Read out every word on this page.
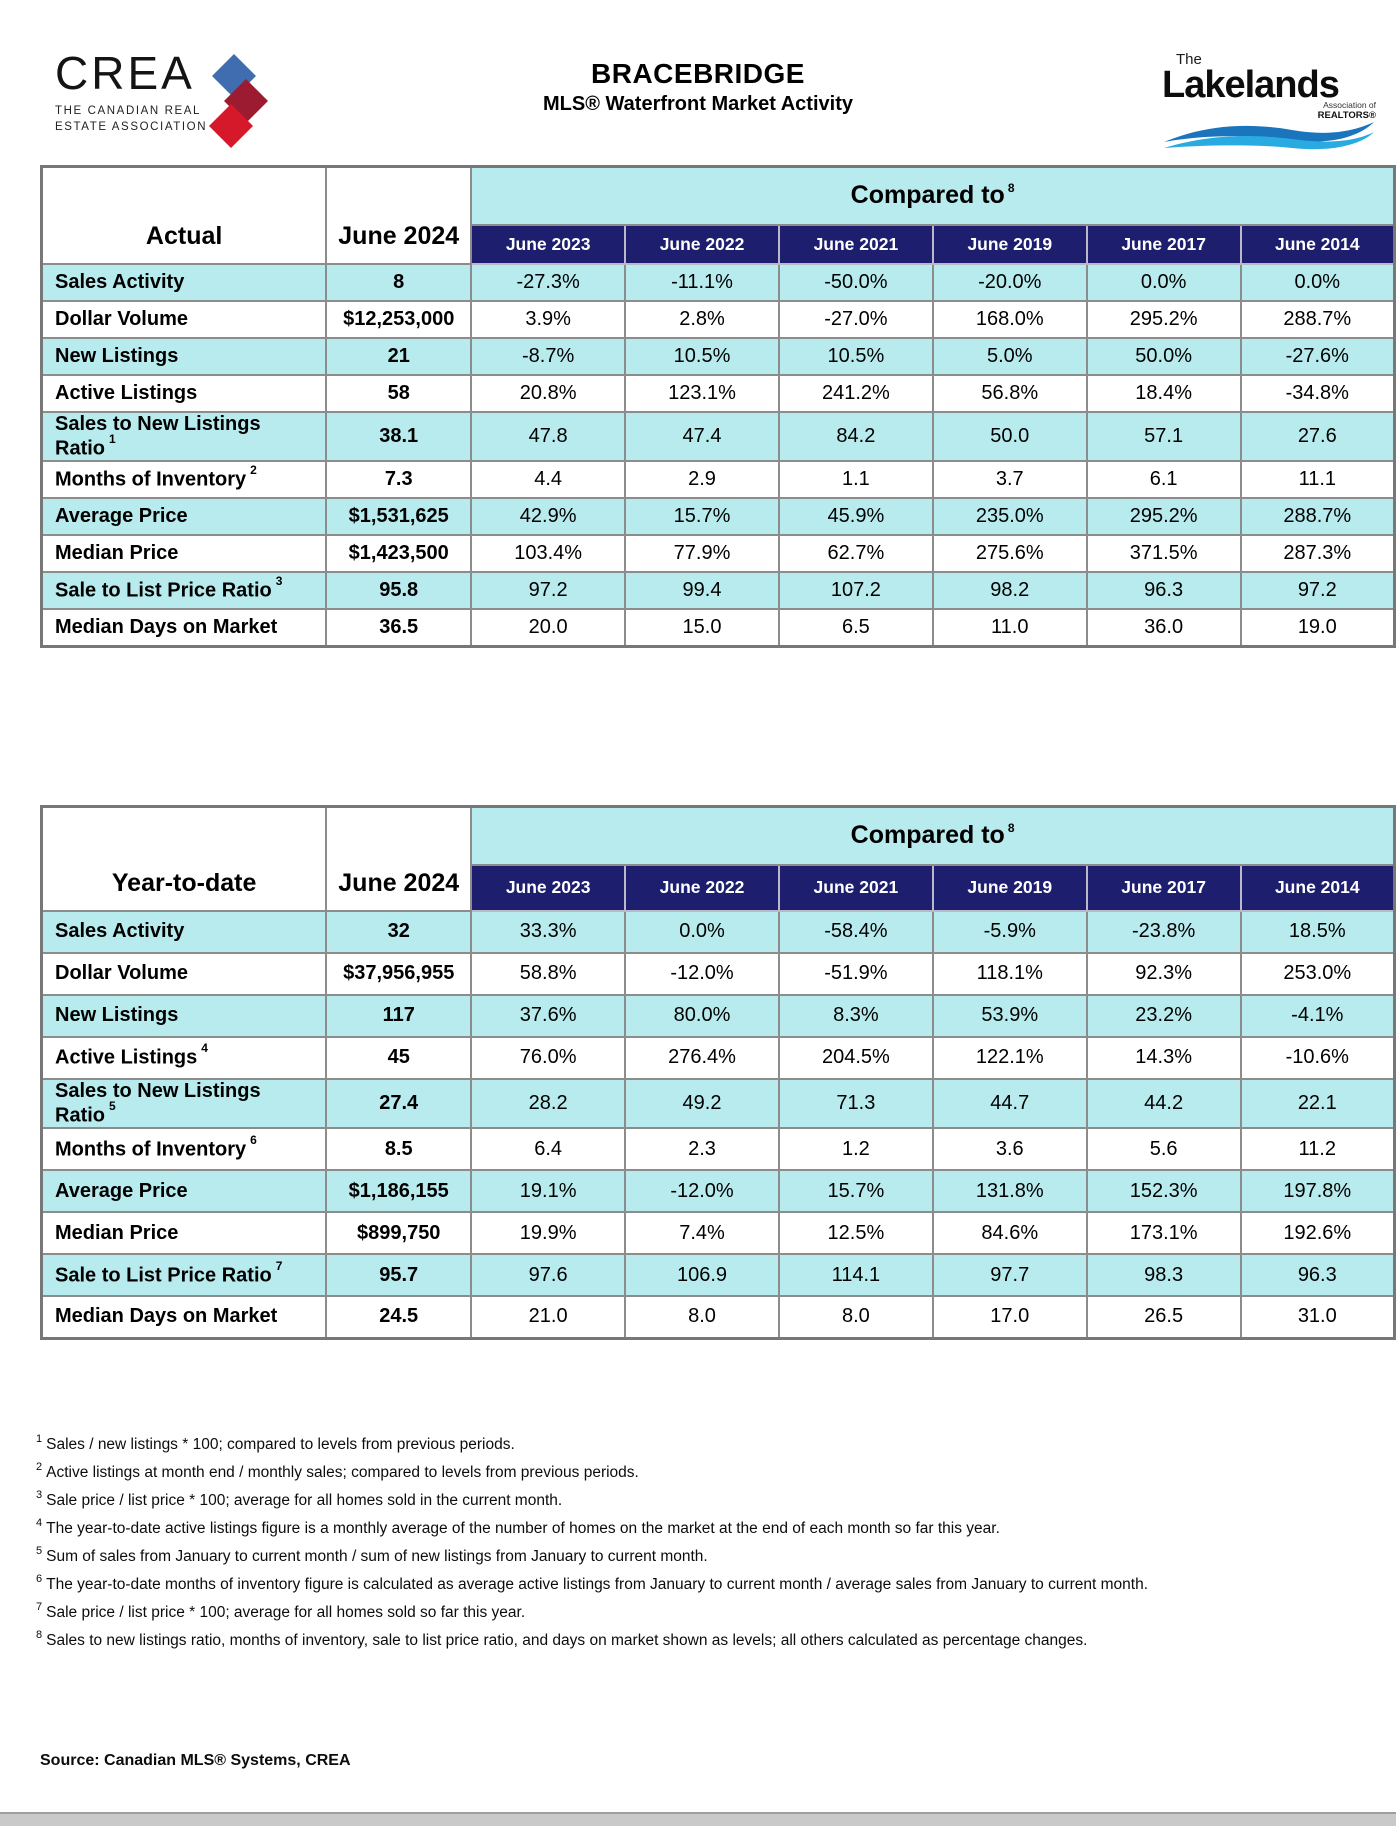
CREA
THE CANADIAN REAL
ESTATE ASSOCIATION
BRACEBRIDGE
MLS® Waterfront Market Activity
The
Lakelands
Association of
REALTORS®
Actual	June 2024	Compared to $^8$
		June 2023	June 2022	June 2021	June 2019	June 2017	June 2014
Sales Activity	8	-27.3%	-11.1%	-50.0%	-20.0%	0.0%	0.0%
Dollar Volume	$12,253,000	3.9%	2.8%	-27.0%	168.0%	295.2%	288.7%
New Listings	21	-8.7%	10.5%	10.5%	5.0%	50.0%	-27.6%
Active Listings	58	20.8%	123.1%	241.2%	56.8%	18.4%	-34.8%
Sales to New Listings Ratio $^1$	38.1	47.8	47.4	84.2	50.0	57.1	27.6
Months of Inventory $^2$	7.3	4.4	2.9	1.1	3.7	6.1	11.1
Average Price	$1,531,625	42.9%	15.7%	45.9%	235.0%	295.2%	288.7%
Median Price	$1,423,500	103.4%	77.9%	62.7%	275.6%	371.5%	287.3%
Sale to List Price Ratio $^3$	95.8	97.2	99.4	107.2	98.2	96.3	97.2
Median Days on Market	36.5	20.0	15.0	6.5	11.0	36.0	19.0
Year-to-date	June 2024	Compared to $^8$
		June 2023	June 2022	June 2021	June 2019	June 2017	June 2014
Sales Activity	32	33.3%	0.0%	-58.4%	-5.9%	-23.8%	18.5%
Dollar Volume	$37,956,955	58.8%	-12.0%	-51.9%	118.1%	92.3%	253.0%
New Listings	117	37.6%	80.0%	8.3%	53.9%	23.2%	-4.1%
Active Listings $^4$	45	76.0%	276.4%	204.5%	122.1%	14.3%	-10.6%
Sales to New Listings Ratio $^5$	27.4	28.2	49.2	71.3	44.7	44.2	22.1
Months of Inventory $^6$	8.5	6.4	2.3	1.2	3.6	5.6	11.2
Average Price	$1,186,155	19.1%	-12.0%	15.7%	131.8%	152.3%	197.8%
Median Price	$899,750	19.9%	7.4%	12.5%	84.6%	173.1%	192.6%
Sale to List Price Ratio $^7$	95.7	97.6	106.9	114.1	97.7	98.3	96.3
Median Days on Market	24.5	21.0	8.0	8.0	17.0	26.5	31.0
$^1$ Sales / new listings * 100; compared to levels from previous periods.
$^2$ Active listings at month end / monthly sales; compared to levels from previous periods.
$^3$ Sale price / list price * 100; average for all homes sold in the current month.
$^4$ The year-to-date active listings figure is a monthly average of the number of homes on the market at the end of each month so far this year.
$^5$ Sum of sales from January to current month / sum of new listings from January to current month.
$^6$ The year-to-date months of inventory figure is calculated as average active listings from January to current month / average sales from January to current month.
$^7$ Sale price / list price * 100; average for all homes sold so far this year.
$^8$ Sales to new listings ratio, months of inventory, sale to list price ratio, and days on market shown as levels; all others calculated as percentage changes.
Source: Canadian MLS® Systems, CREA
